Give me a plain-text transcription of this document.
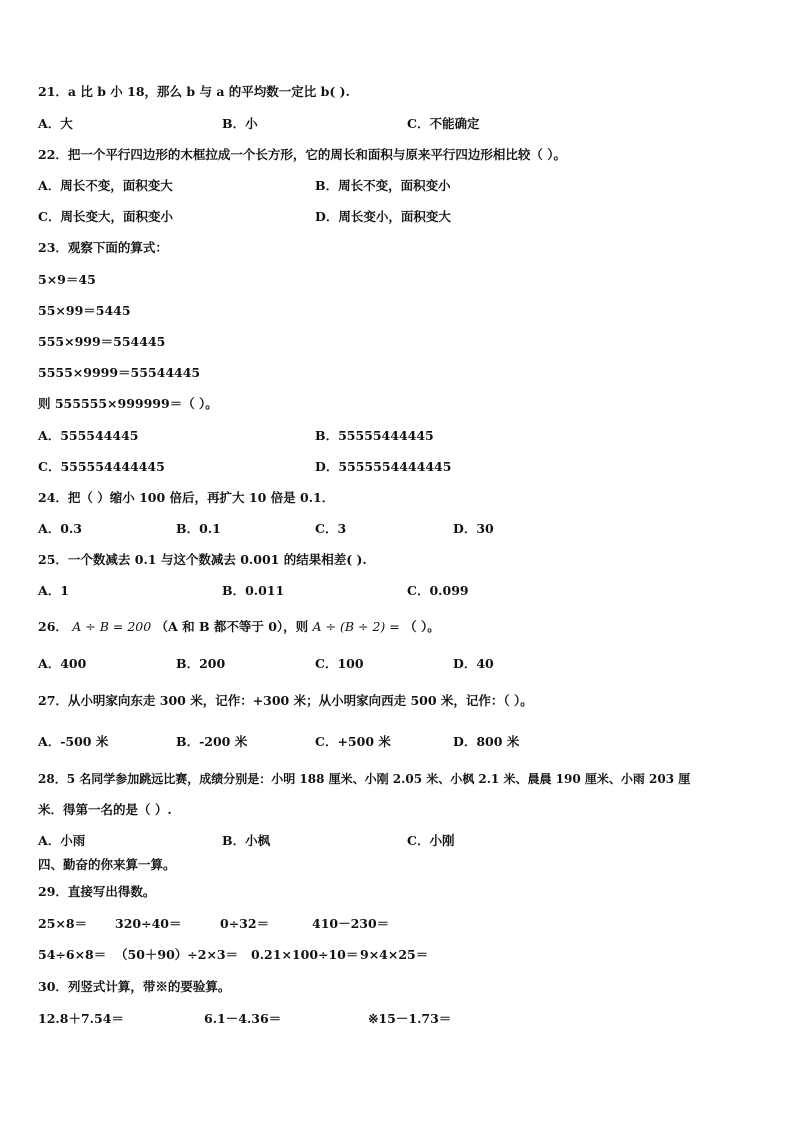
21．a 比 b 小 18，那么 b 与 a 的平均数一定比 b( ).
A．大	B．小	C．不能确定
22．把一个平行四边形的木框拉成一个长方形，它的周长和面积与原来平行四边形相比较（ ）。
A．周长不变，面积变大	B．周长不变，面积变小
C．周长变大，面积变小	D．周长变小，面积变大
23．观察下面的算式：
5×9＝45
55×99＝5445
555×999＝554445
5555×9999＝55544445
则 555555×999999＝（ ）。
A．555544445	B．55555444445
C．555554444445	D．5555554444445
24．把（ ）缩小 100 倍后，再扩大 10 倍是 0.1．
A．0.3	B．0.1	C．3	D．30
25．一个数减去 0.1 与这个数减去 0.001 的结果相差( ).
A．1	B．0.011	C．0.099
26． A ÷ B = 200 （A 和 B 都不等于 0），则 A ÷ (B ÷ 2) = （ ）。
A．400	B．200	C．100	D．40
27．从小明家向东走 300 米，记作：+300 米；从小明家向西走 500 米，记作：（ ）。
A．-500 米	B．-200 米	C．+500 米	D．800 米
28．5 名同学参加跳远比赛，成绩分别是：小明 188 厘米、小刚 2.05 米、小枫 2.1 米、晨晨 190 厘米、小雨 203 厘
米．得第一名的是（ ）.
A．小雨	B．小枫	C．小刚
四、勤奋的你来算一算。
29．直接写出得数。
25×8＝ 320÷40＝	0÷32＝	410－230＝
54÷6×8＝ （50＋90）÷2×3＝ 0.21×100÷10＝ 9×4×25＝
30．列竖式计算，带※的要验算。
12.8＋7.54＝	6.1－4.36＝	※15－1.73＝
